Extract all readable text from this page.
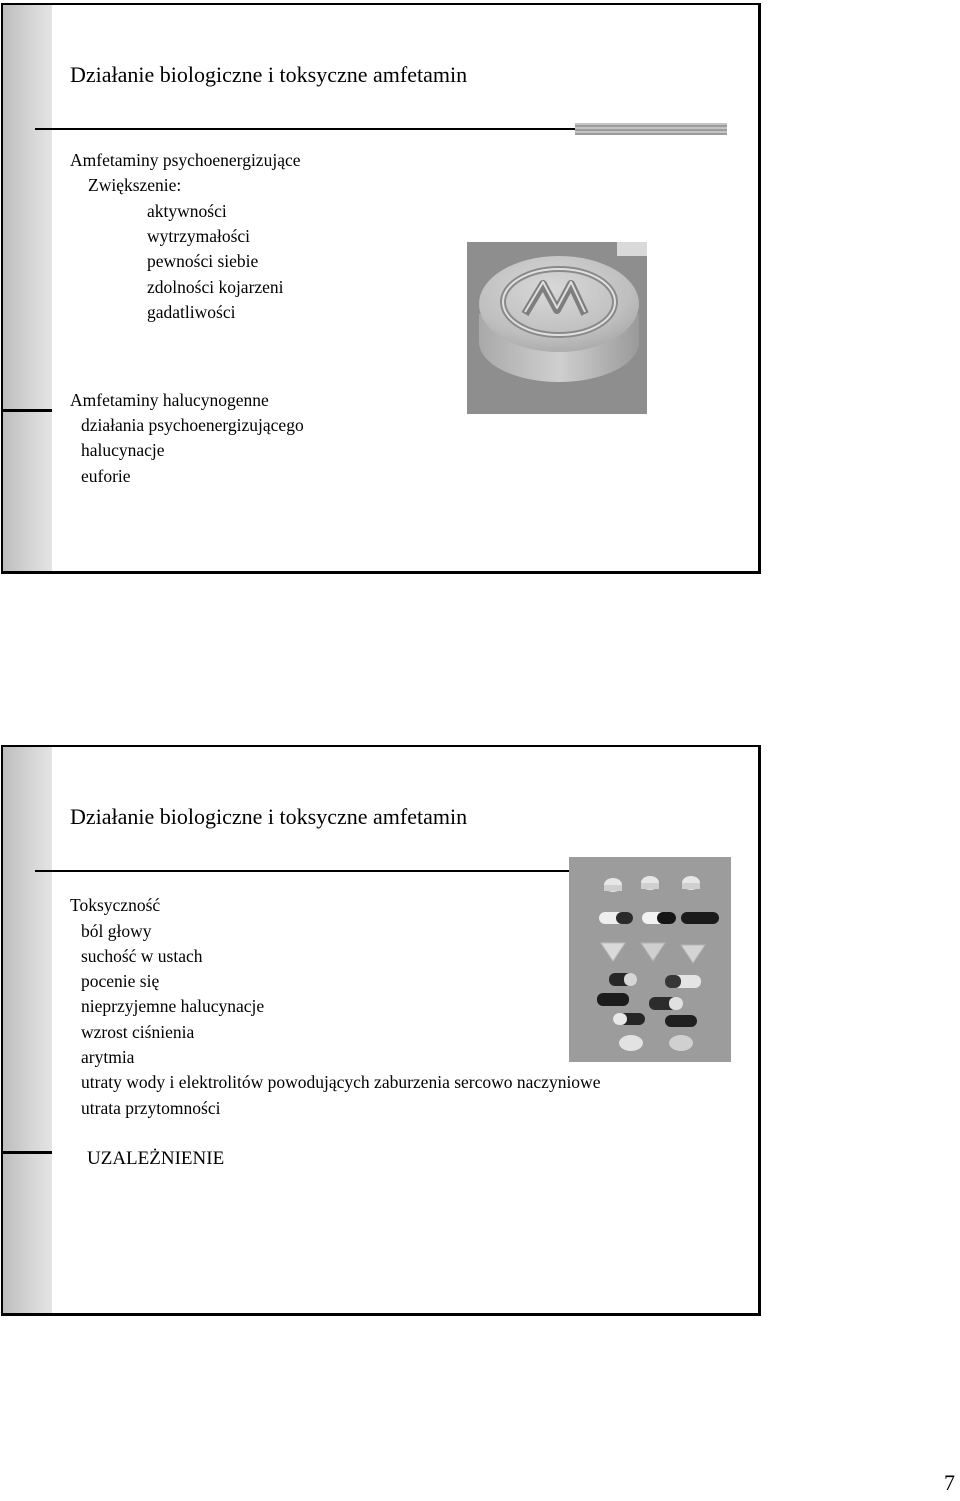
Działanie biologiczne i toksyczne amfetamin
Amfetaminy psychoenergizujące
Zwiększenie:
aktywności
wytrzymałości
pewności siebie
zdolności kojarzeni
gadatliwości
Amfetaminy halucynogenne
działania psychoenergizującego
halucynacje
euforie
Działanie biologiczne i toksyczne amfetamin
Toksyczność
ból głowy
suchość w ustach
pocenie się
nieprzyjemne halucynacje
wzrost ciśnienia
arytmia
utraty wody i elektrolitów powodujących zaburzenia sercowo naczyniowe
utrata przytomności
UZALEŻNIENIE
7
